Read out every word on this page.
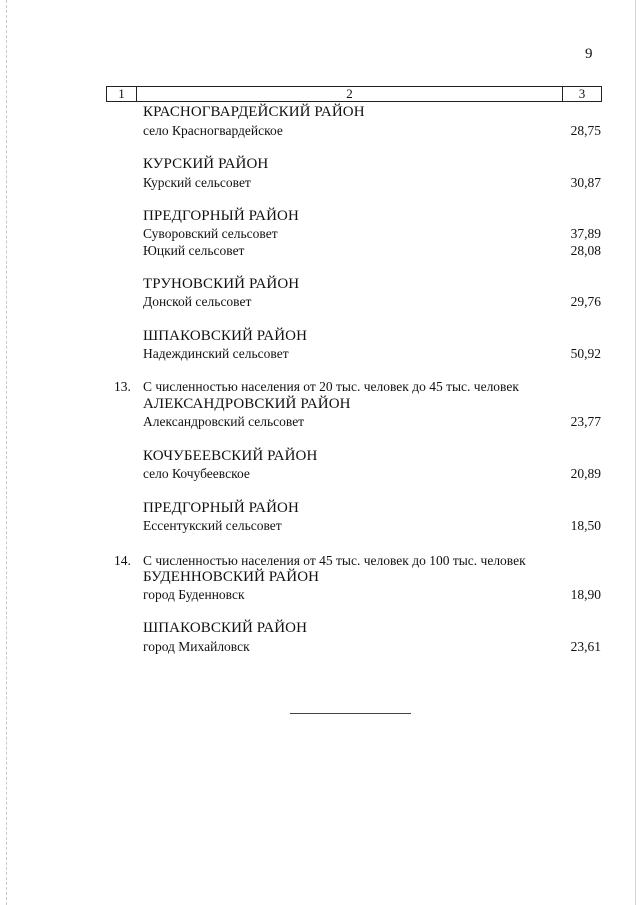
9
1	2	3
КРАСНОГВАРДЕЙСКИЙ РАЙОН
село Красногвардейское	28,75
КУРСКИЙ РАЙОН
Курский сельсовет	30,87
ПРЕДГОРНЫЙ РАЙОН
Суворовский сельсовет	37,89
Юцкий сельсовет	28,08
ТРУНОВСКИЙ РАЙОН
Донской сельсовет	29,76
ШПАКОВСКИЙ РАЙОН
Надеждинский сельсовет	50,92
13. С численностью населения от 20 тыс. человек до 45 тыс. человек
АЛЕКСАНДРОВСКИЙ РАЙОН
Александровский сельсовет	23,77
КОЧУБЕЕВСКИЙ РАЙОН
село Кочубеевское	20,89
ПРЕДГОРНЫЙ РАЙОН
Ессентукский сельсовет	18,50
14. С численностью населения от 45 тыс. человек до 100 тыс. человек
БУДЕННОВСКИЙ РАЙОН
город Буденновск	18,90
ШПАКОВСКИЙ РАЙОН
город Михайловск	23,61
